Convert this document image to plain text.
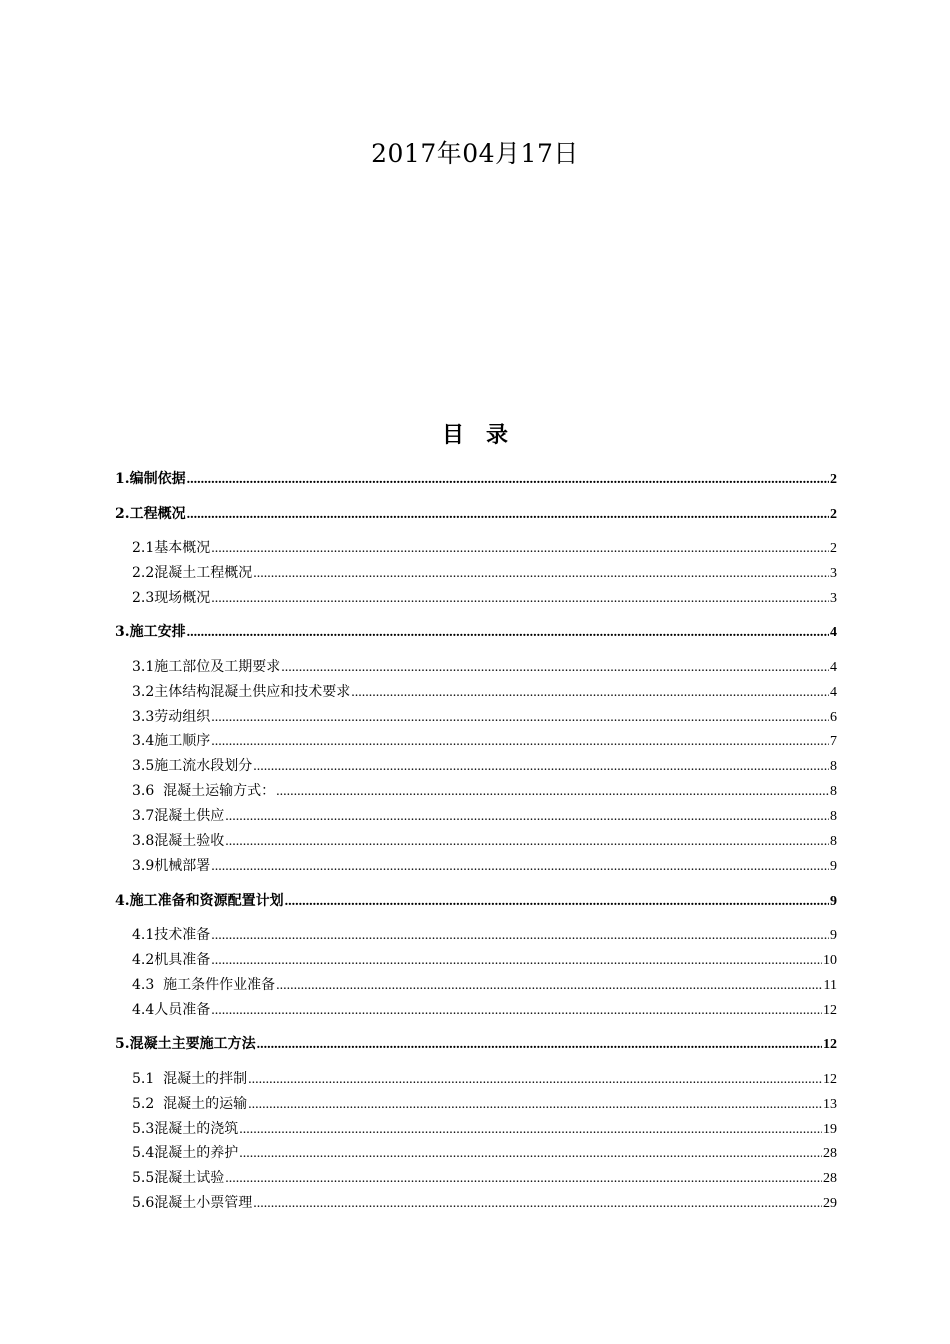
2017年04月17日
目录
1.编制依据 .....	2
2.工程概况 .....	2
2.1基本概况 .....	2
2.2混凝土工程概况 .....	3
2.3现场概况 .....	3
3.施工安排 .....	4
3.1施工部位及工期要求 .....	4
3.2主体结构混凝土供应和技术要求 .....	4
3.3劳动组织 .....	6
3.4施工顺序 .....	7
3.5施工流水段划分 .....	8
3.6  混凝土运输方式： .....	8
3.7混凝土供应 .....	8
3.8混凝土验收 .....	8
3.9机械部署 .....	9
4.施工准备和资源配置计划 .....	9
4.1技术准备 .....	9
4.2机具准备 .....	10
4.3  施工条件作业准备 .....	11
4.4人员准备 .....	12
5.混凝土主要施工方法 .....	12
5.1  混凝土的拌制 .....	12
5.2  混凝土的运输 .....	13
5.3混凝土的浇筑 .....	19
5.4混凝土的养护 .....	28
5.5混凝土试验 .....	28
5.6混凝土小票管理 .....	29
